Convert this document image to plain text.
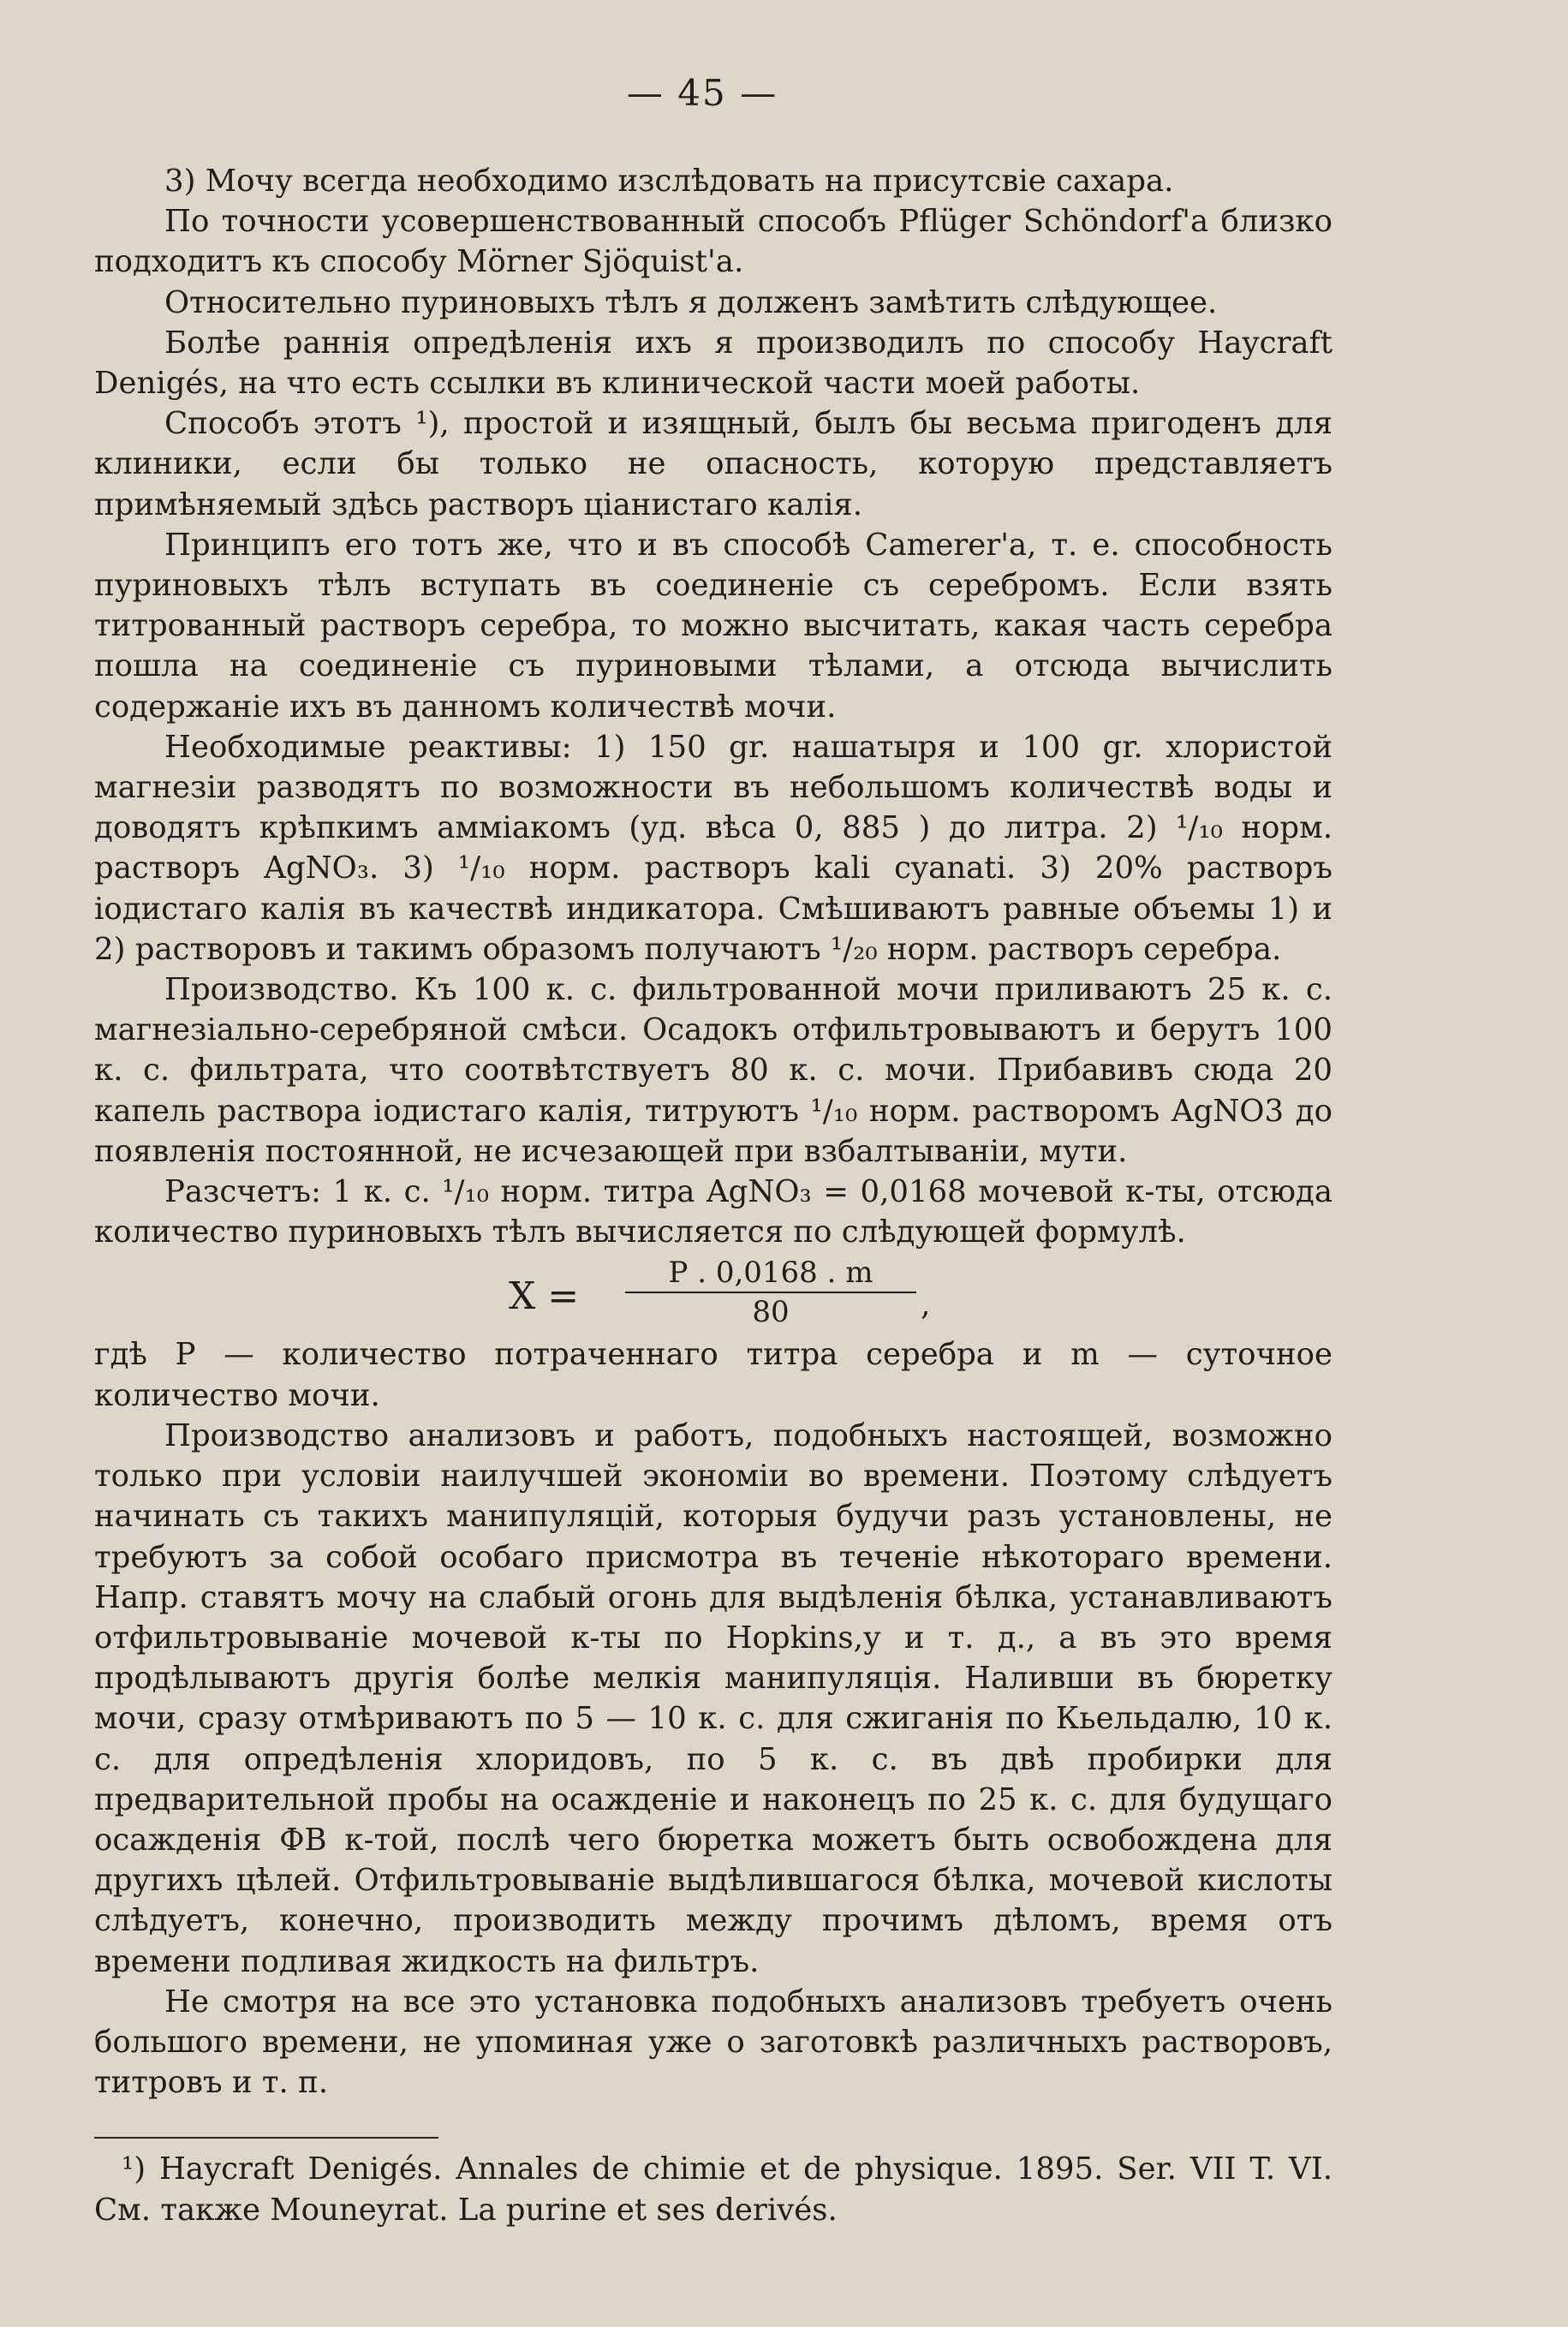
— 45 —

3) Мочу всегда необходимо изслѣдовать на присутсвіе сахара.

По точности усовершенствованный способъ Pflüger Schöndorf'a близко подходитъ къ способу Mörner Sjöquist'a.

Относительно пуриновыхъ тѣлъ я долженъ замѣтить слѣдующее.

Болѣе раннія опредѣленія ихъ я производилъ по способу Haycraft Denigés, на что есть ссылки въ клинической части моей работы.

Способъ этотъ ¹), простой и изящный, былъ бы весьма пригоденъ для клиники, если бы только не опасность, которую представляетъ примѣняемый здѣсь растворъ ціанистаго калія.

Принципъ его тотъ же, что и въ способѣ Camerer'a, т. е. способность пуриновыхъ тѣлъ вступать въ соединеніе съ серебромъ. Если взять титрованный растворъ серебра, то можно высчитать, какая часть серебра пошла на соединеніе съ пуриновыми тѣлами, а отсюда вычислить содержаніе ихъ въ данномъ количествѣ мочи.

Необходимые реактивы: 1) 150 gr. нашатыря и 100 gr. хлористой магнезіи разводятъ по возможности въ небольшомъ количествѣ воды и доводятъ крѣпкимъ амміакомъ (уд. вѣса 0, 885 ) до литра. 2) ¹/₁₀ норм. растворъ AgNO₃. 3) ¹/₁₀ норм. растворъ kali cyanati. 3) 20% растворъ іодистаго калія въ качествѣ индикатора. Смѣшиваютъ равные объемы 1) и 2) растворовъ и такимъ образомъ получаютъ ¹/₂₀ норм. растворъ серебра.

Производство. Къ 100 к. с. фильтрованной мочи приливаютъ 25 к. с. магнезіально-серебряной смѣси. Осадокъ отфильтровываютъ и берутъ 100 к. с. фильтрата, что соотвѣтствуетъ 80 к. с. мочи. Прибавивъ сюда 20 капель раствора іодистаго калія, титруютъ ¹/₁₀ норм. растворомъ AgNO3 до появленія постоянной, не исчезающей при взбалтываніи, мути.

Разсчетъ: 1 к. с. ¹/₁₀ норм. титра AgNO₃ = 0,0168 мочевой к-ты, отсюда количество пуриновыхъ тѣлъ вычисляется по слѣдующей формулѣ.

$X = \frac{P . 0,0168 . m}{80}$ ,

гдѣ P — количество потраченнаго титра серебра и m — суточное количество мочи.

Производство анализовъ и работъ, подобныхъ настоящей, возможно только при условіи наилучшей экономіи во времени. Поэтому слѣдуетъ начинать съ такихъ манипуляцій, которыя будучи разъ установлены, не требуютъ за собой особаго присмотра въ теченіе нѣкотораго времени. Напр. ставятъ мочу на слабый огонь для выдѣленія бѣлка, устанавливаютъ отфильтровываніе мочевой к-ты по Hopkins,у и т. д., а въ это время продѣлываютъ другія болѣе мелкія манипуляція. Наливши въ бюретку мочи, сразу отмѣриваютъ по 5 — 10 к. с. для сжиганія по Кьельдалю, 10 к. с. для опредѣленія хлоридовъ, по 5 к. с. въ двѣ пробирки для предварительной пробы на осажденіе и наконецъ по 25 к. с. для будущаго осажденія ФВ к-той, послѣ чего бюретка можетъ быть освобождена для другихъ цѣлей. Отфильтровываніе выдѣлившагося бѣлка, мочевой кислоты слѣдуетъ, конечно, производить между прочимъ дѣломъ, время отъ времени подливая жидкость на фильтръ.

Не смотря на все это установка подобныхъ анализовъ требуетъ очень большого времени, не упоминая уже о заготовкѣ различныхъ растворовъ, титровъ и т. п.

¹) Haycraft Denigés. Annales de chimie et de physique. 1895. Ser. VII T. VI. См. также Mouneyrat. La purine et ses derivés.
